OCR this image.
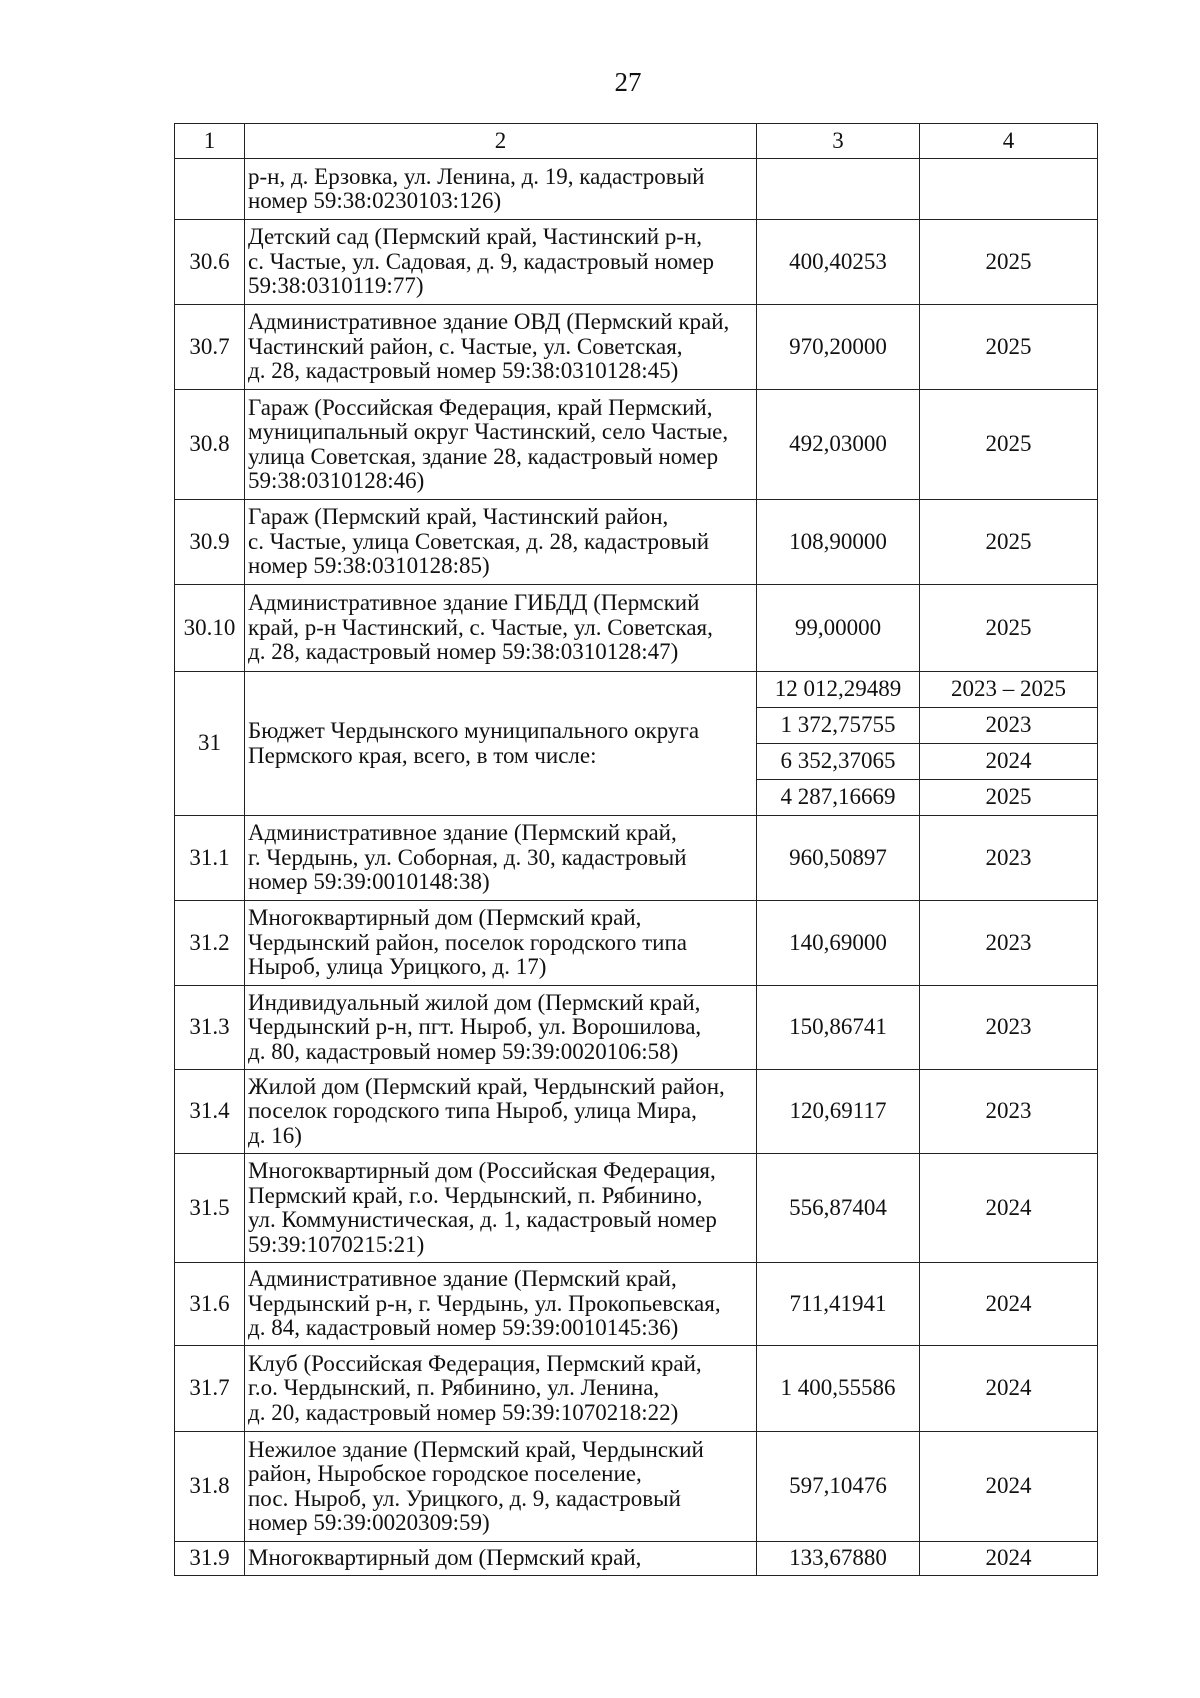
27
1	2	3	4
	р-н, д. Ерзовка, ул. Ленина, д. 19, кадастровый
номер 59:38:0230103:126)		
30.6	Детский сад (Пермский край, Частинский р-н,
с. Частые, ул. Садовая, д. 9, кадастровый номер
59:38:0310119:77)	400,40253	2025
30.7	Административное здание ОВД (Пермский край,
Частинский район, с. Частые, ул. Советская,
д. 28, кадастровый номер 59:38:0310128:45)	970,20000	2025
30.8	Гараж (Российская Федерация, край Пермский,
муниципальный округ Частинский, село Частые,
улица Советская, здание 28, кадастровый номер
59:38:0310128:46)	492,03000	2025
30.9	Гараж (Пермский край, Частинский район,
с. Частые, улица Советская, д. 28, кадастровый
номер 59:38:0310128:85)	108,90000	2025
30.10	Административное здание ГИБДД (Пермский
край, р-н Частинский, с. Частые, ул. Советская,
д. 28, кадастровый номер 59:38:0310128:47)	99,00000	2025
31	Бюджет Чердынского муниципального округа
Пермского края, всего, в том числе:	12 012,29489	2023 – 2025
		1 372,75755	2023
		6 352,37065	2024
		4 287,16669	2025
31.1	Административное здание (Пермский край,
г. Чердынь, ул. Соборная, д. 30, кадастровый
номер 59:39:0010148:38)	960,50897	2023
31.2	Многоквартирный дом (Пермский край,
Чердынский район, поселок городского типа
Ныроб, улица Урицкого, д. 17)	140,69000	2023
31.3	Индивидуальный жилой дом (Пермский край,
Чердынский р-н, пгт. Ныроб, ул. Ворошилова,
д. 80, кадастровый номер 59:39:0020106:58)	150,86741	2023
31.4	Жилой дом (Пермский край, Чердынский район,
поселок городского типа Ныроб, улица Мира,
д. 16)	120,69117	2023
31.5	Многоквартирный дом (Российская Федерация,
Пермский край, г.о. Чердынский, п. Рябинино,
ул. Коммунистическая, д. 1, кадастровый номер
59:39:1070215:21)	556,87404	2024
31.6	Административное здание (Пермский край,
Чердынский р-н, г. Чердынь, ул. Прокопьевская,
д. 84, кадастровый номер 59:39:0010145:36)	711,41941	2024
31.7	Клуб (Российская Федерация, Пермский край,
г.о. Чердынский, п. Рябинино, ул. Ленина,
д. 20, кадастровый номер 59:39:1070218:22)	1 400,55586	2024
31.8	Нежилое здание (Пермский край, Чердынский
район, Ныробское городское поселение,
пос. Ныроб, ул. Урицкого, д. 9, кадастровый
номер 59:39:0020309:59)	597,10476	2024
31.9	Многоквартирный дом (Пермский край,	133,67880	2024
